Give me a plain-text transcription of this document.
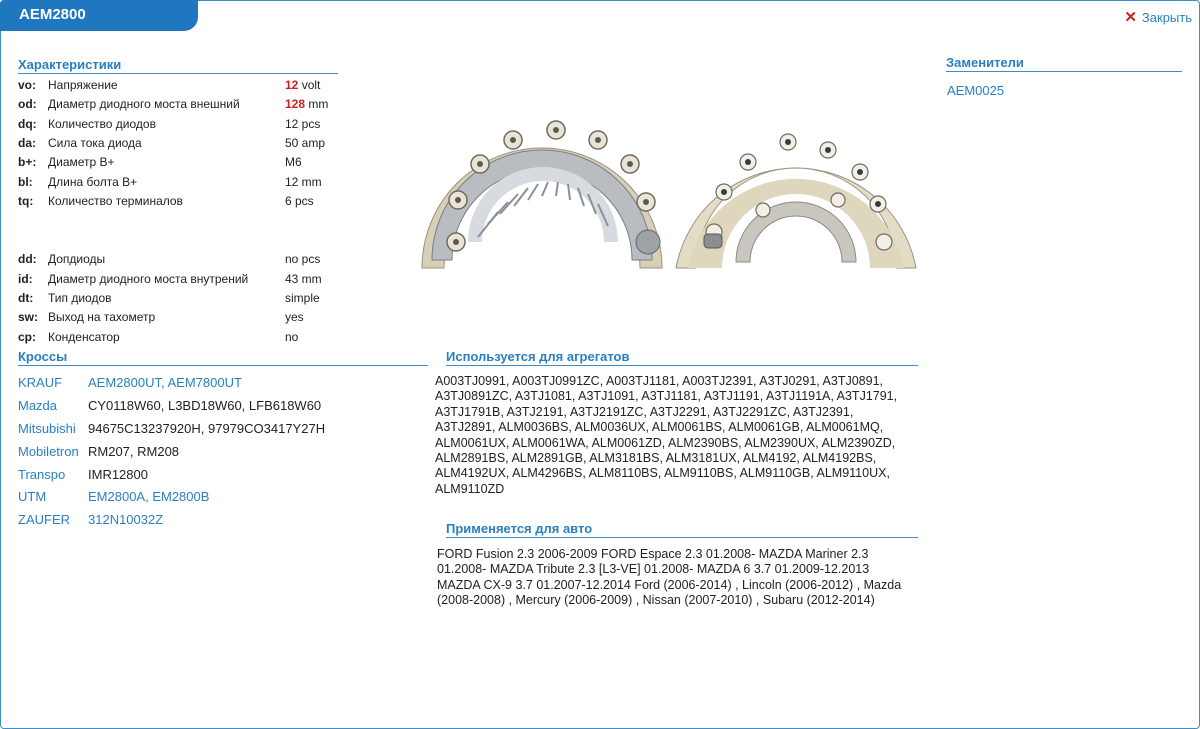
AEM2800	✕ Закрыть
Характеристики
vo: Напряжение	12 volt
od: Диаметр диодного моста внешний	128 mm
dq: Количество диодов	12 pcs
da: Сила тока диода	50 amp
b+: Диаметр B+	M6
bl: Длина болта B+	12 mm
tq: Количество терминалов	6 pcs
dd: Допдиоды	no pcs
id: Диаметр диодного моста внутрений	43 mm
dt: Тип диодов	simple
sw: Выход на тахометр	yes
cp: Конденсатор	no
Кроссы
KRAUF AEM2800UT, AEM7800UT
Mazda CY0118W60, L3BD18W60, LFB618W60
Mitsubishi 94675C13237920H, 97979CO3417Y27H
Mobiletron RM207, RM208
Transpo IMR12800
UTM	EM2800A, EM2800B
ZAUFER 312N10032Z
Используется для агрегатов
A003TJ0991, A003TJ0991ZC, A003TJ1181, A003TJ2391, A3TJ0291, A3TJ0891, A3TJ0891ZC, A3TJ1081, A3TJ1091, A3TJ1181, A3TJ1191, A3TJ1191A, A3TJ1791, A3TJ1791B, A3TJ2191, A3TJ2191ZC, A3TJ2291, A3TJ2291ZC, A3TJ2391, A3TJ2891, ALM0036BS, ALM0036UX, ALM0061BS, ALM0061GB, ALM0061MQ, ALM0061UX, ALM0061WA, ALM0061ZD, ALM2390BS, ALM2390UX, ALM2390ZD, ALM2891BS, ALM2891GB, ALM3181BS, ALM3181UX, ALM4192, ALM4192BS, ALM4192UX, ALM4296BS, ALM8110BS, ALM9110BS, ALM9110GB, ALM9110UX, ALM9110ZD
Применяется для авто
FORD Fusion 2.3 2006-2009 FORD Espace 2.3 01.2008- MAZDA Mariner 2.3 01.2008- MAZDA Tribute 2.3 [L3-VE] 01.2008- MAZDA 6 3.7 01.2009-12.2013 MAZDA CX-9 3.7 01.2007-12.2014 Ford (2006-2014) , Lincoln (2006-2012) , Mazda (2008-2008) , Mercury (2006-2009) , Nissan (2007-2010) , Subaru (2012-2014)
Заменители
AEM0025
